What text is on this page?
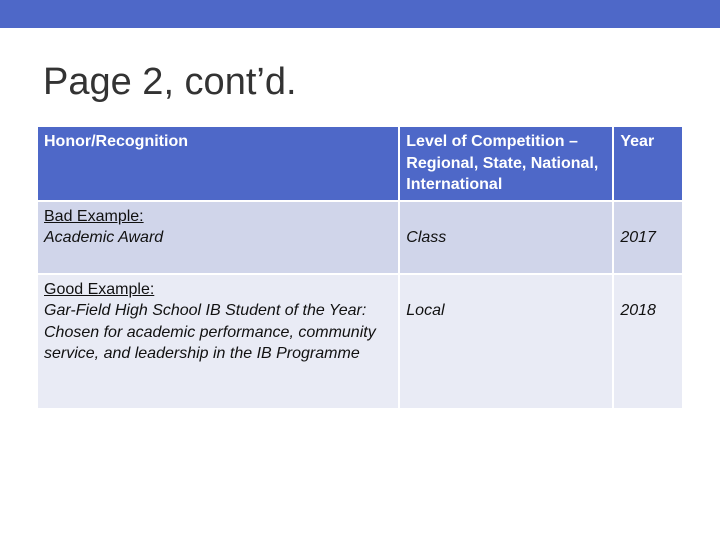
Page 2, cont’d.
Honor/Recognition	Level of Competition – Regional, State, National, International	Year

Bad Example:
Academic Award	Class	2017

Good Example:
Gar-Field High School IB Student of the Year: Chosen for academic performance, community service, and leadership in the IB Programme	Local	2018
